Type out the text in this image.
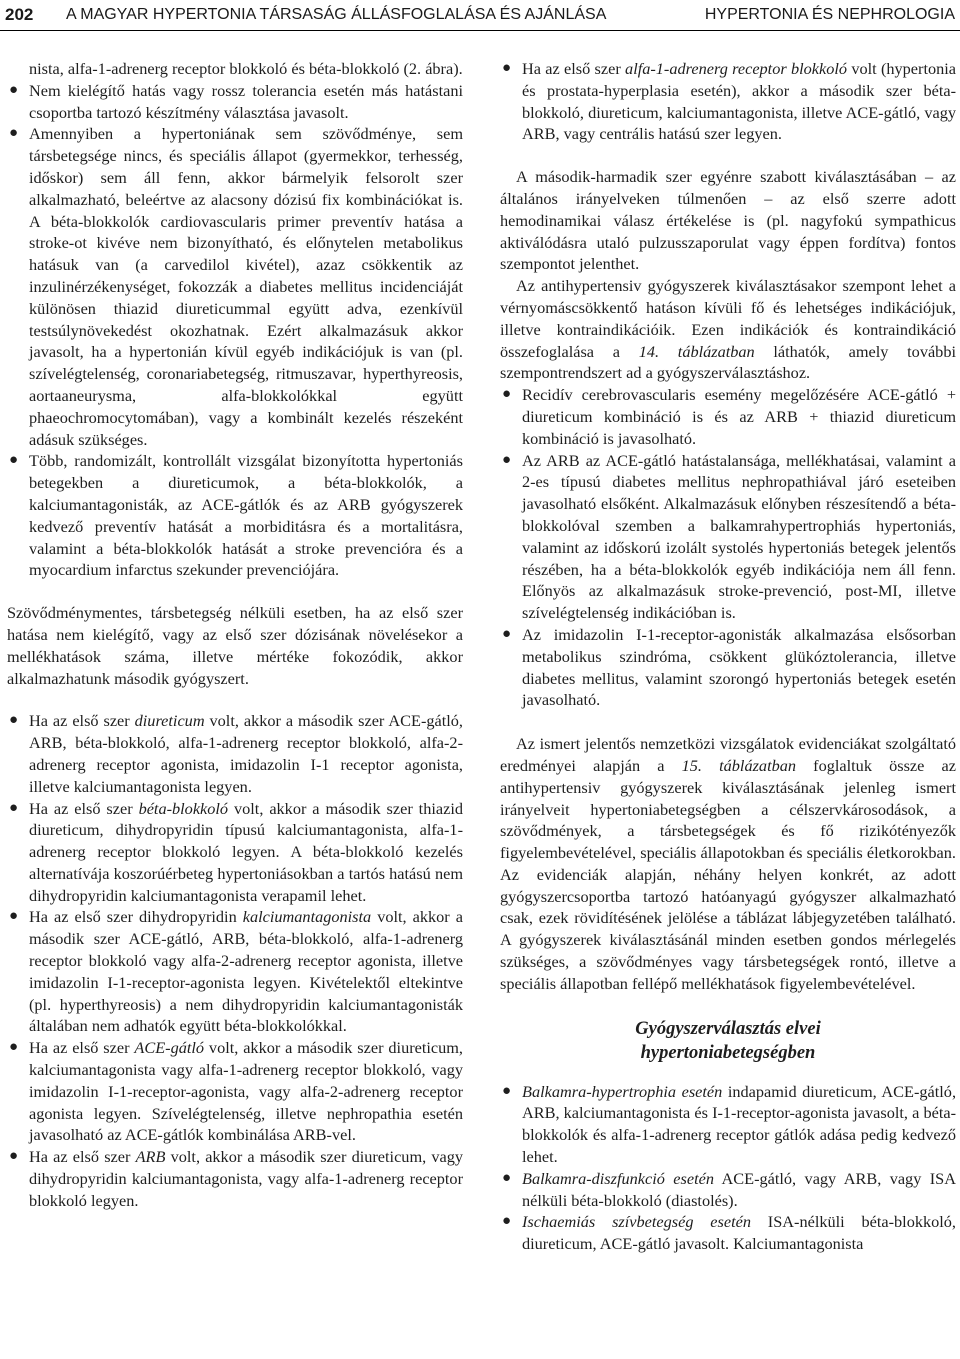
202 A MAGYAR HYPERTONIA TÁRSASÁG ÁLLÁSFOGLALÁSA ÉS AJÁNLÁSA	HYPERTONIA ÉS NEPHROLOGIA
nista, alfa-1-adrenerg receptor blokkoló és béta-blokkoló (2. ábra).
● Nem kielégítő hatás vagy rossz tolerancia esetén más hatástani csoportba tartozó készítmény választása javasolt.
● Amennyiben a hypertoniának sem szövődménye, sem társbetegsége nincs, és speciális állapot (gyermekkor, terhesség, időskor) sem áll fenn, akkor bármelyik felsorolt szer alkalmazható, beleértve az alacsony dózisú fix kombinációkat is. A béta-blokkolók cardiovascularis primer preventív hatása a stroke-ot kivéve nem bizonyítható, és előnytelen metabolikus hatásuk van (a carvedilol kivétel), azaz csökkentik az inzulinérzékenységet, fokozzák a diabetes mellitus incidenciáját különösen thiazid diureticummal együtt adva, ezenkívül testsúlynövekedést okozhatnak. Ezért alkalmazásuk akkor javasolt, ha a hypertonián kívül egyéb indikációjuk is van (pl. szívelégtelenség, coronariabetegség, ritmuszavar, hyperthyreosis, aortaaneurysma, alfa-blokkolókkal együtt phaeochromocytomában), vagy a kombinált kezelés részeként adásuk szükséges.
● Több, randomizált, kontrollált vizsgálat bizonyította hypertoniás betegekben a diureticumok, a béta-blokkolók, a kalciumantagonisták, az ACE-gátlók és az ARB gyógyszerek kedvező preventív hatását a morbiditásra és a mortalitásra, valamint a béta-blokkolók hatását a stroke prevencióra és a myocardium infarctus szekunder prevenciójára.

Szövődménymentes, társbetegség nélküli esetben, ha az első szer hatása nem kielégítő, vagy az első szer dózisának növelésekor a mellékhatások száma, illetve mértéke fokozódik, akkor alkalmazhatunk második gyógyszert.

● Ha az első szer diureticum volt, akkor a második szer ACE-gátló, ARB, béta-blokkoló, alfa-1-adrenerg receptor blokkoló, alfa-2-adrenerg receptor agonista, imidazolin I-1 receptor agonista, illetve kalciumantagonista legyen.
● Ha az első szer béta-blokkoló volt, akkor a második szer thiazid diureticum, dihydropyridin típusú kalciumantagonista, alfa-1-adrenerg receptor blokkoló legyen. A béta-blokkoló kezelés alternatívája koszorúérbeteg hypertoniásokban a tartós hatású nem dihydropyridin kalciumantagonista verapamil lehet.
● Ha az első szer dihydropyridin kalciumantagonista volt, akkor a második szer ACE-gátló, ARB, béta-blokkoló, alfa-1-adrenerg receptor blokkoló vagy alfa-2-adrenerg receptor agonista, illetve imidazolin I-1-receptor-agonista legyen. Kivételektől eltekintve (pl. hyperthyreosis) a nem dihydropyridin kalciumantagonisták általában nem adhatók együtt béta-blokkolókkal.
● Ha az első szer ACE-gátló volt, akkor a második szer diureticum, kalciumantagonista vagy alfa-1-adrenerg receptor blokkoló, vagy imidazolin I-1-receptor-agonista, vagy alfa-2-adrenerg receptor agonista legyen. Szívelégtelenség, illetve nephropathia esetén javasolható az ACE-gátlók kombinálása ARB-vel.
● Ha az első szer ARB volt, akkor a második szer diureticum, vagy dihydropyridin kalciumantagonista, vagy alfa-1-adrenerg receptor blokkoló legyen.
● Ha az első szer alfa-1-adrenerg receptor blokkoló volt (hypertonia és prostata-hyperplasia esetén), akkor a második szer béta-blokkoló, diureticum, kalciumantagonista, illetve ACE-gátló, vagy ARB, vagy centrális hatású szer legyen.

A második-harmadik szer egyénre szabott kiválasztásában – az általános irányelveken túlmenően – az első szerre adott hemodinamikai válasz értékelése is (pl. nagyfokú sympathicus aktiválódásra utaló pulzusszaporulat vagy éppen fordítva) fontos szempontot jelenthet.

Az antihypertensiv gyógyszerek kiválasztásakor szempont lehet a vérnyomáscsökkentő hatáson kívüli fő és lehetséges indikációjuk, illetve kontraindikációik. Ezen indikációk és kontraindikáció összefoglalása a 14. táblázatban láthatók, amely további szempontrendszert ad a gyógyszerválasztáshoz.

● Recidív cerebrovascularis esemény megelőzésére ACE-gátló + diureticum kombináció is és az ARB + thiazid diureticum kombináció is javasolható.
● Az ARB az ACE-gátló hatástalansága, mellékhatásai, valamint a 2-es típusú diabetes mellitus nephropathiával járó eseteiben javasolható elsőként. Alkalmazásuk előnyben részesítendő a béta-blokkolóval szemben a balkamrahypertrophiás hypertoniás, valamint az időskorú izolált systolés hypertoniás betegek jelentős részében, ha a béta-blokkolók egyéb indikációja nem áll fenn. Előnyös az alkalmazásuk stroke-prevenció, post-MI, illetve szívelégtelenség indikációban is.
● Az imidazolin I-1-receptor-agonisták alkalmazása elsősorban metabolikus szindróma, csökkent glükóztolerancia, illetve diabetes mellitus, valamint szorongó hypertoniás betegek esetén javasolható.

Az ismert jelentős nemzetközi vizsgálatok evidenciákat szolgáltató eredményei alapján a 15. táblázatban foglaltuk össze az antihypertensiv gyógyszerek kiválasztásának jelenleg ismert irányelveit hypertoniabetegségben a célszervkárosodások, a szövődmények, a társbetegségek és fő rizikótényezők figyelembevételével, speciális állapotokban és speciális életkorokban. Az evidenciák alapján, néhány helyen konkrét, az adott gyógyszercsoportba tartozó hatóanyagú gyógyszer alkalmazható csak, ezek rövidítésének jelölése a táblázat lábjegyzetében található. A gyógyszerek kiválasztásánál minden esetben gondos mérlegelés szükséges, a szövődményes vagy társbetegségek rontó, illetve a speciális állapotban fellépő mellékhatások figyelembevételével.

Gyógyszerválasztás elvei
hypertoniabetegségben

● Balkamra-hypertrophia esetén indapamid diureticum, ACE-gátló, ARB, kalciumantagonista és I-1-receptor-agonista javasolt, a béta-blokkolók és alfa-1-adrenerg receptor gátlók adása pedig kedvező lehet.
● Balkamra-diszfunkció esetén ACE-gátló, vagy ARB, vagy ISA nélküli béta-blokkoló (diastolés).
● Ischaemiás szívbetegség esetén ISA-nélküli béta-blokkoló, diureticum, ACE-gátló javasolt. Kalciumantagonista
